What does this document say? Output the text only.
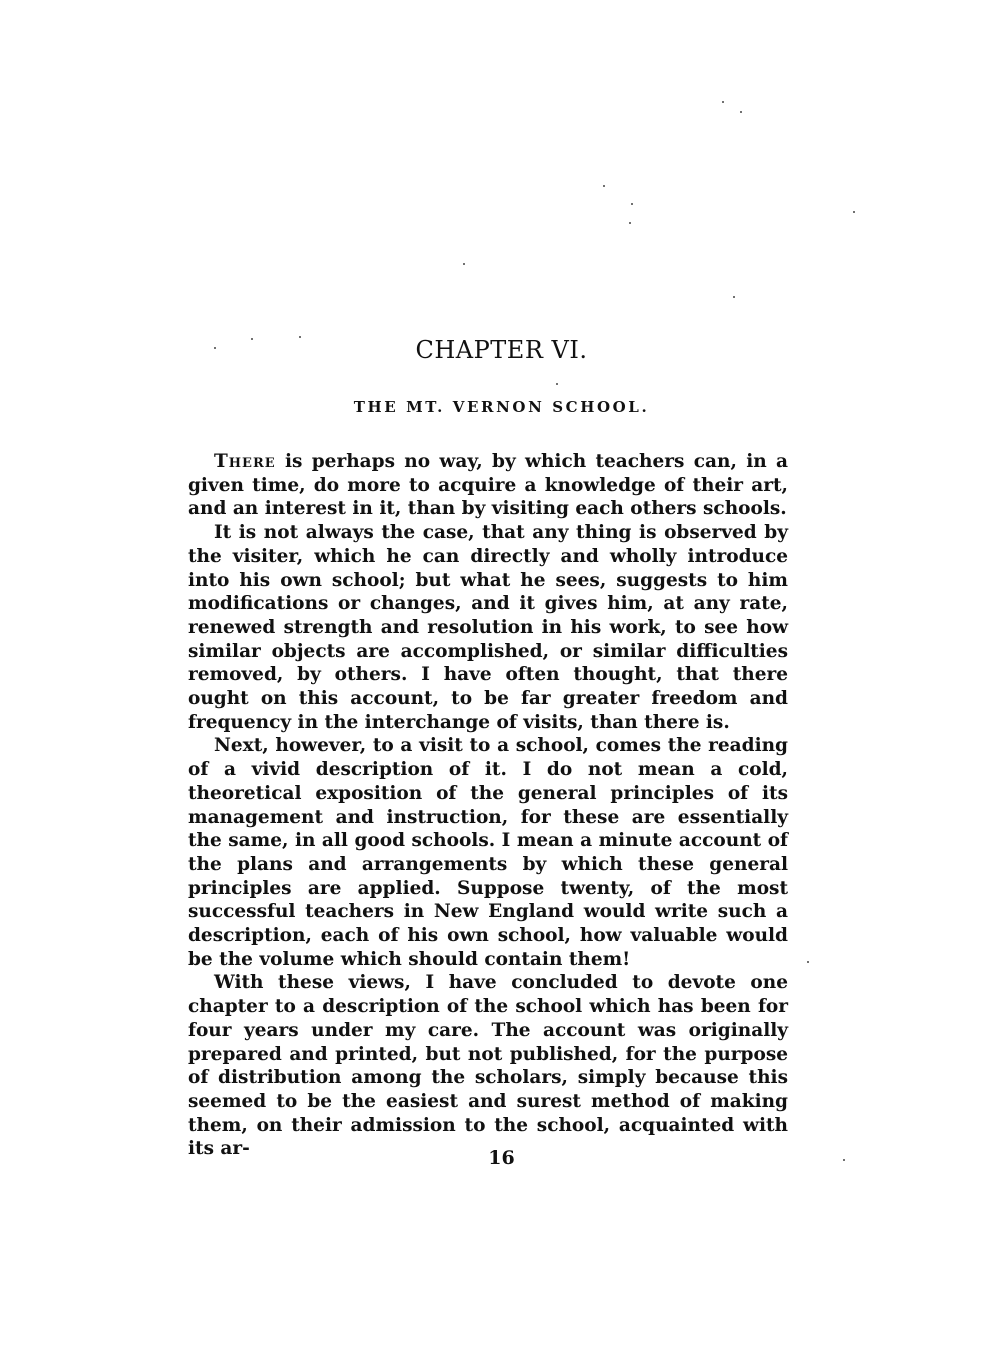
CHAPTER VI.
THE MT. VERNON SCHOOL.

There is perhaps no way, by which teachers can, in a given time, do more to acquire a knowledge of their art, and an interest in it, than by visiting each others schools.

It is not always the case, that any thing is observed by the visiter, which he can directly and wholly introduce into his own school; but what he sees, suggests to him modifications or changes, and it gives him, at any rate, renewed strength and resolution in his work, to see how similar objects are accomplished, or similar difficulties removed, by others. I have often thought, that there ought on this account, to be far greater freedom and frequency in the interchange of visits, than there is.

Next, however, to a visit to a school, comes the reading of a vivid description of it. I do not mean a cold, theoretical exposition of the general principles of its management and instruction, for these are essentially the same, in all good schools. I mean a minute account of the plans and arrangements by which these general principles are applied. Suppose twenty, of the most successful teachers in New England would write such a description, each of his own school, how valuable would be the volume which should contain them!

With these views, I have concluded to devote one chapter to a description of the school which has been for four years under my care. The account was originally prepared and printed, but not published, for the purpose of distribution among the scholars, simply because this seemed to be the easiest and surest method of making them, on their admission to the school, acquainted with its ar-	16
